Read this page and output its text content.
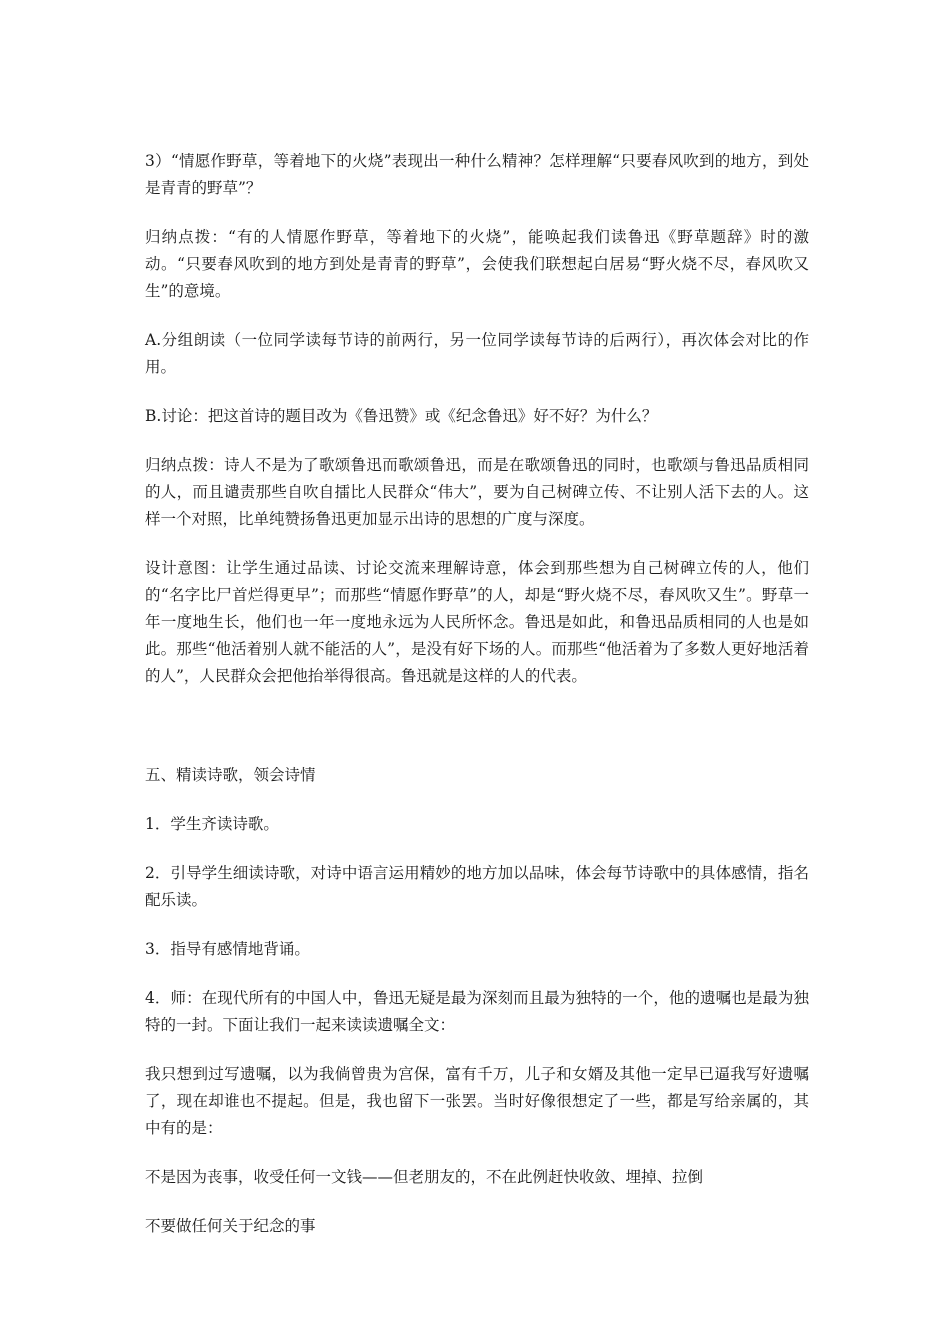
3）“情愿作野草，等着地下的火烧”表现出一种什么精神？怎样理解“只要春风吹到的地方，到处是青青的野草”？

归纳点拨：“有的人情愿作野草，等着地下的火烧”，能唤起我们读鲁迅《野草题辞》时的激动。“只要春风吹到的地方到处是青青的野草”，会使我们联想起白居易“野火烧不尽，春风吹又生”的意境。

A.分组朗读（一位同学读每节诗的前两行，另一位同学读每节诗的后两行），再次体会对比的作用。

B.讨论：把这首诗的题目改为《鲁迅赞》或《纪念鲁迅》好不好？为什么？

归纳点拨：诗人不是为了歌颂鲁迅而歌颂鲁迅，而是在歌颂鲁迅的同时，也歌颂与鲁迅品质相同的人，而且谴责那些自吹自擂比人民群众“伟大”，要为自己树碑立传、不让别人活下去的人。这样一个对照，比单纯赞扬鲁迅更加显示出诗的思想的广度与深度。

设计意图：让学生通过品读、讨论交流来理解诗意，体会到那些想为自己树碑立传的人，他们的“名字比尸首烂得更早”；而那些“情愿作野草”的人，却是“野火烧不尽，春风吹又生”。野草一年一度地生长，他们也一年一度地永远为人民所怀念。鲁迅是如此，和鲁迅品质相同的人也是如此。那些“他活着别人就不能活的人”，是没有好下场的人。而那些“他活着为了多数人更好地活着的人”，人民群众会把他抬举得很高。鲁迅就是这样的人的代表。

五、精读诗歌，领会诗情

1．学生齐读诗歌。

2．引导学生细读诗歌，对诗中语言运用精妙的地方加以品味，体会每节诗歌中的具体感情，指名配乐读。

3．指导有感情地背诵。

4．师：在现代所有的中国人中，鲁迅无疑是最为深刻而且最为独特的一个，他的遗嘱也是最为独特的一封。下面让我们一起来读读遗嘱全文：

我只想到过写遗嘱，以为我倘曾贵为宫保，富有千万，儿子和女婿及其他一定早已逼我写好遗嘱了，现在却谁也不提起。但是，我也留下一张罢。当时好像很想定了一些，都是写给亲属的，其中有的是：

不是因为丧事，收受任何一文钱——但老朋友的，不在此例赶快收敛、埋掉、拉倒

不要做任何关于纪念的事
